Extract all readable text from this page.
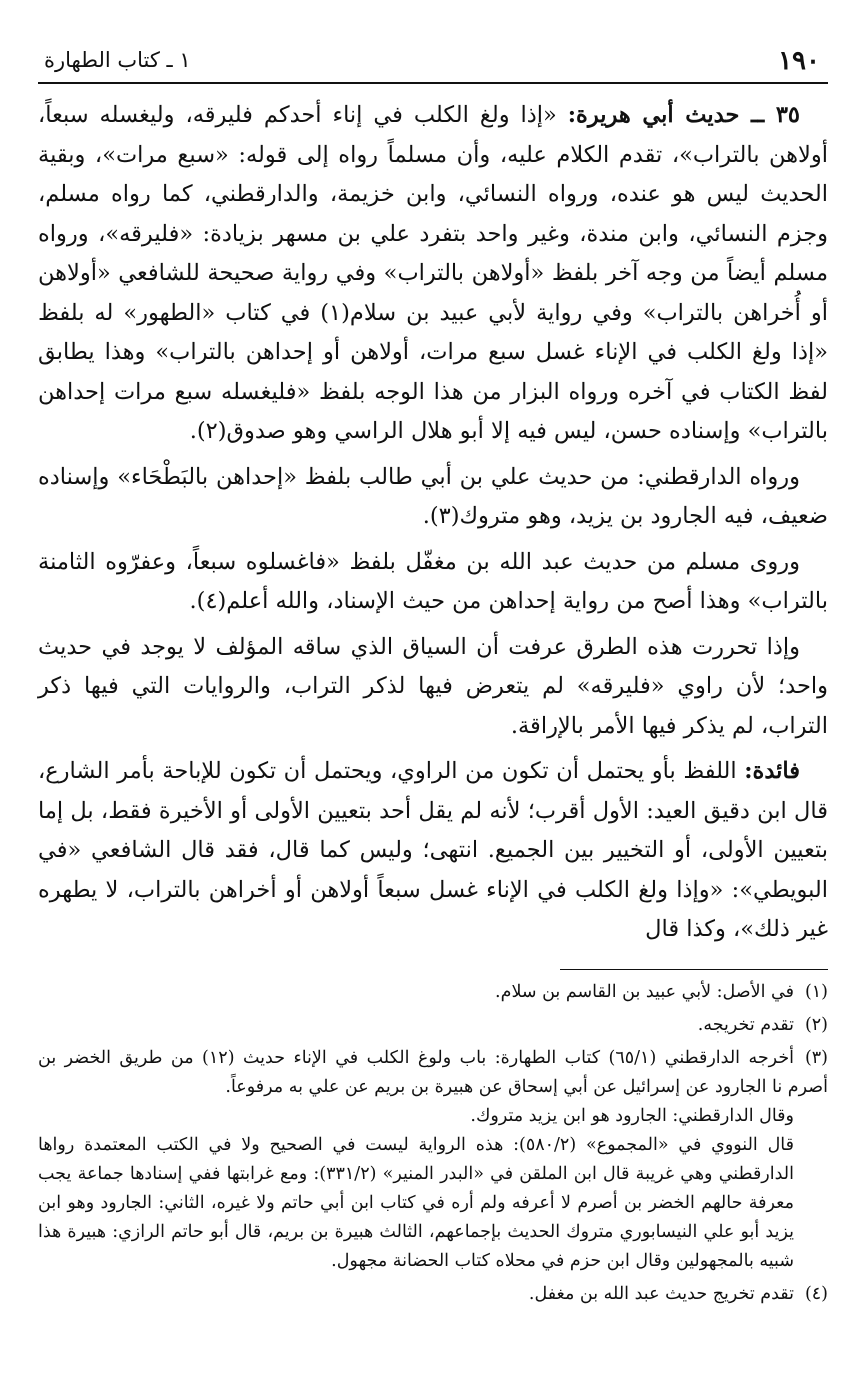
١٩٠
١ ـ كتاب الطهارة

٣٥ ــ حديث أبي هريرة: «إذا ولغ الكلب في إناء أحدكم فليرقه، وليغسله سبعاً، أولاهن بالتراب»، تقدم الكلام عليه، وأن مسلماً رواه إلى قوله: «سبع مرات»، وبقية الحديث ليس هو عنده، ورواه النسائي، وابن خزيمة، والدارقطني، كما رواه مسلم، وجزم النسائي، وابن مندة، وغير واحد بتفرد علي بن مسهر بزيادة: «فليرقه»، ورواه مسلم أيضاً من وجه آخر بلفظ «أولاهن بالتراب» وفي رواية صحيحة للشافعي «أولاهن أو أُخراهن بالتراب» وفي رواية لأبي عبيد بن سلام(١) في كتاب «الطهور» له بلفظ «إذا ولغ الكلب في الإناء غسل سبع مرات، أولاهن أو إحداهن بالتراب» وهذا يطابق لفظ الكتاب في آخره ورواه البزار من هذا الوجه بلفظ «فليغسله سبع مرات إحداهن بالتراب» وإسناده حسن، ليس فيه إلا أبو هلال الراسي وهو صدوق(٢).

ورواه الدارقطني: من حديث علي بن أبي طالب بلفظ «إحداهن بالبَطْحَاء» وإسناده ضعيف، فيه الجارود بن يزيد، وهو متروك(٣).

وروى مسلم من حديث عبد الله بن مغفّل بلفظ «فاغسلوه سبعاً، وعفرّوه الثامنة بالتراب» وهذا أصح من رواية إحداهن من حيث الإسناد، والله أعلم(٤).

وإذا تحررت هذه الطرق عرفت أن السياق الذي ساقه المؤلف لا يوجد في حديث واحد؛ لأن راوي «فليرقه» لم يتعرض فيها لذكر التراب، والروايات التي فيها ذكر التراب، لم يذكر فيها الأمر بالإراقة.

فائدة: اللفظ بأو يحتمل أن تكون من الراوي، ويحتمل أن تكون للإباحة بأمر الشارع، قال ابن دقيق العيد: الأول أقرب؛ لأنه لم يقل أحد بتعيين الأولى أو الأخيرة فقط، بل إما بتعيين الأولى، أو التخيير بين الجميع. انتهى؛ وليس كما قال، فقد قال الشافعي «في البويطي»: «وإذا ولغ الكلب في الإناء غسل سبعاً أولاهن أو أخراهن بالتراب، لا يطهره غير ذلك»، وكذا قال

(١)في الأصل: لأبي عبيد بن القاسم بن سلام.

(٢)تقدم تخريجه.

(٣)أخرجه الدارقطني (٦٥/١) كتاب الطهارة: باب ولوغ الكلب في الإناء حديث (١٢) من طريق الخضر بن أصرم نا الجارود عن إسرائيل عن أبي إسحاق عن هبيرة بن بريم عن علي به مرفوعاً.
وقال الدارقطني: الجارود هو ابن يزيد متروك.
قال النووي في «المجموع» (٥٨٠/٢): هذه الرواية ليست في الصحيح ولا في الكتب المعتمدة رواها الدارقطني وهي غريبة قال ابن الملقن في «البدر المنير» (٣٣١/٢): ومع غرابتها ففي إسنادها جماعة يجب معرفة حالهم الخضر بن أصرم لا أعرفه ولم أره في كتاب ابن أبي حاتم ولا غيره، الثاني: الجارود وهو ابن يزيد أبو علي النيسابوري متروك الحديث بإجماعهم، الثالث هبيرة بن بريم، قال أبو حاتم الرازي: هبيرة هذا شبيه بالمجهولين وقال ابن حزم في محلاه كتاب الحضانة مجهول.

(٤)تقدم تخريج حديث عبد الله بن مغفل.
